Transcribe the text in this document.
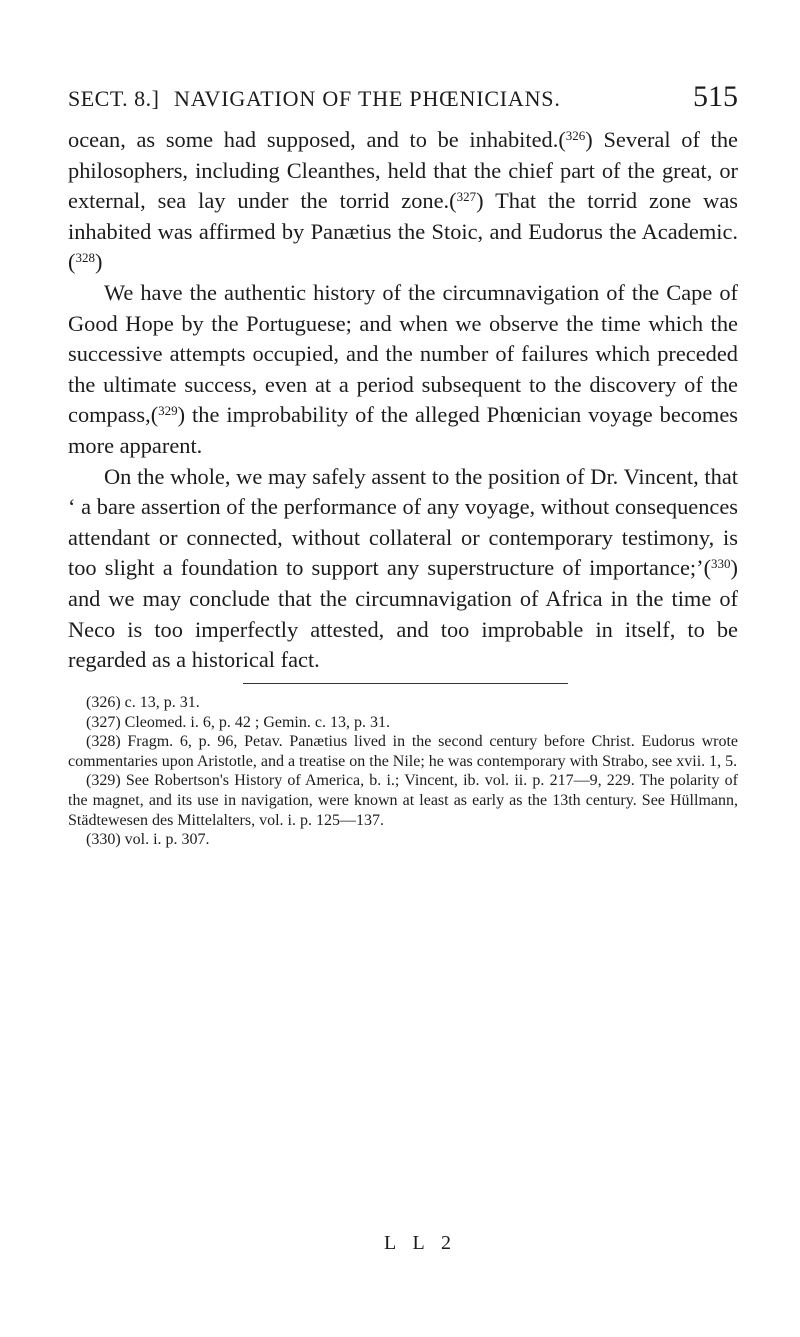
SECT. 8.] NAVIGATION OF THE PHŒNICIANS.	515

ocean, as some had supposed, and to be inhabited.($^{326}$) Several of the philosophers, including Cleanthes, held that the chief part of the great, or external, sea lay under the torrid zone.($^{327}$) That the torrid zone was inhabited was affirmed by Panætius the Stoic, and Eudorus the Academic.($^{328}$)

We have the authentic history of the circumnavigation of the Cape of Good Hope by the Portuguese; and when we observe the time which the successive attempts occupied, and the number of failures which preceded the ultimate success, even at a period subsequent to the discovery of the compass,($^{329}$) the improbability of the alleged Phœnician voyage becomes more apparent.

On the whole, we may safely assent to the position of Dr. Vincent, that ‘ a bare assertion of the performance of any voyage, without consequences attendant or connected, without collateral or contemporary testimony, is too slight a foundation to support any superstructure of importance;’($^{330}$) and we may conclude that the circumnavigation of Africa in the time of Neco is too imperfectly attested, and too improbable in itself, to be regarded as a historical fact.

(326) c. 13, p. 31.

(327) Cleomed. i. 6, p. 42 ; Gemin. c. 13, p. 31.

(328) Fragm. 6, p. 96, Petav. Panætius lived in the second century before Christ. Eudorus wrote commentaries upon Aristotle, and a treatise on the Nile; he was contemporary with Strabo, see xvii. 1, 5.

(329) See Robertson's History of America, b. i.; Vincent, ib. vol. ii. p. 217—9, 229. The polarity of the magnet, and its use in navigation, were known at least as early as the 13th century. See Hüllmann, Städtewesen des Mittelalters, vol. i. p. 125—137.

(330) vol. i. p. 307.

L L 2
